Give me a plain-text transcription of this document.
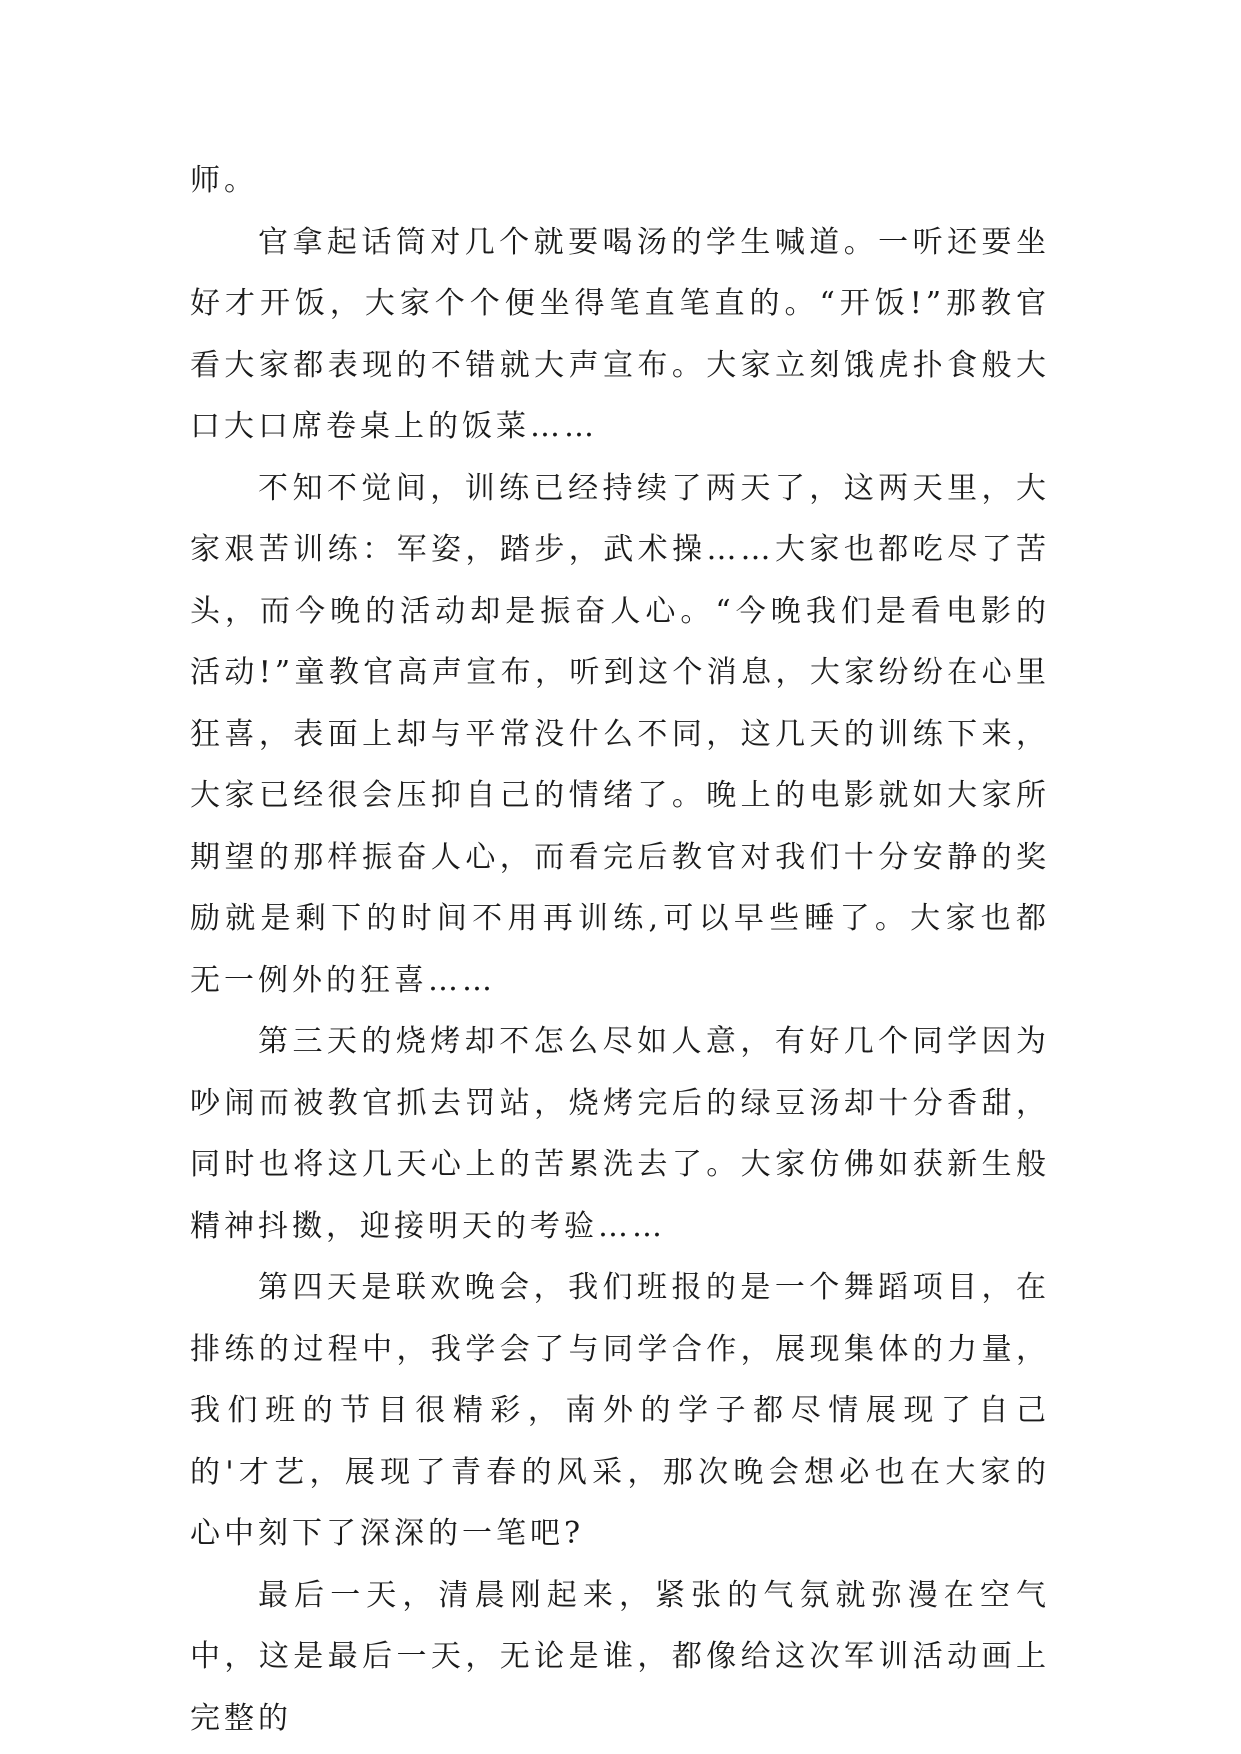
师。

官拿起话筒对几个就要喝汤的学生喊道。一听还要坐好才开饭，大家个个便坐得笔直笔直的。“开饭!”那教官看大家都表现的不错就大声宣布。大家立刻饿虎扑食般大口大口席卷桌上的饭菜……

不知不觉间，训练已经持续了两天了，这两天里，大家艰苦训练：军姿，踏步，武术操……大家也都吃尽了苦头，而今晚的活动却是振奋人心。“今晚我们是看电影的活动!”童教官高声宣布，听到这个消息，大家纷纷在心里狂喜，表面上却与平常没什么不同，这几天的训练下来，大家已经很会压抑自己的情绪了。晚上的电影就如大家所期望的那样振奋人心，而看完后教官对我们十分安静的奖励就是剩下的时间不用再训练,可以早些睡了。大家也都无一例外的狂喜……

第三天的烧烤却不怎么尽如人意，有好几个同学因为吵闹而被教官抓去罚站，烧烤完后的绿豆汤却十分香甜，同时也将这几天心上的苦累洗去了。大家仿佛如获新生般精神抖擞，迎接明天的考验……

第四天是联欢晚会，我们班报的是一个舞蹈项目，在排练的过程中，我学会了与同学合作，展现集体的力量，我们班的节目很精彩，南外的学子都尽情展现了自己的'才艺，展现了青春的风采，那次晚会想必也在大家的心中刻下了深深的一笔吧?

最后一天，清晨刚起来，紧张的气氛就弥漫在空气中，这是最后一天，无论是谁，都像给这次军训活动画上完整的
